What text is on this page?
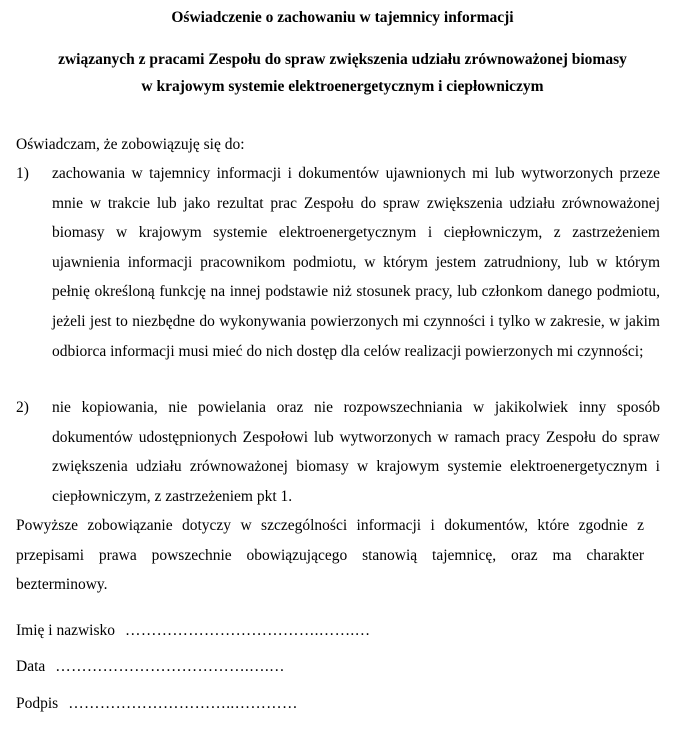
Oświadczenie o zachowaniu w tajemnicy informacji
związanych z pracami Zespołu do spraw zwiększenia udziału zrównoważonej biomasy
w krajowym systemie elektroenergetycznym i ciepłowniczym
Oświadczam, że zobowiązuję się do:
1) zachowania w tajemnicy informacji i dokumentów ujawnionych mi lub wytworzonych przeze mnie w trakcie lub jako rezultat prac Zespołu do spraw zwiększenia udziału zrównoważonej biomasy w krajowym systemie elektroenergetycznym i ciepłowniczym, z zastrzeżeniem ujawnienia informacji pracownikom podmiotu, w którym jestem zatrudniony, lub w którym pełnię określoną funkcję na innej podstawie niż stosunek pracy, lub członkom danego podmiotu, jeżeli jest to niezbędne do wykonywania powierzonych mi czynności i tylko w zakresie, w jakim odbiorca informacji musi mieć do nich dostęp dla celów realizacji powierzonych mi czynności;
2) nie kopiowania, nie powielania oraz nie rozpowszechniania w jakikolwiek inny sposób dokumentów udostępnionych Zespołowi lub wytworzonych w ramach pracy Zespołu do spraw zwiększenia udziału zrównoważonej biomasy w krajowym systemie elektroenergetycznym i ciepłowniczym, z zastrzeżeniem pkt 1.
Powyższe zobowiązanie dotyczy w szczególności informacji i dokumentów, które zgodnie z przepisami prawa powszechnie obowiązującego stanowią tajemnicę, oraz ma charakter bezterminowy.
Imię i nazwisko ……………………………….…….…
Data ……………………………….….…
Podpis …………………………..…………
